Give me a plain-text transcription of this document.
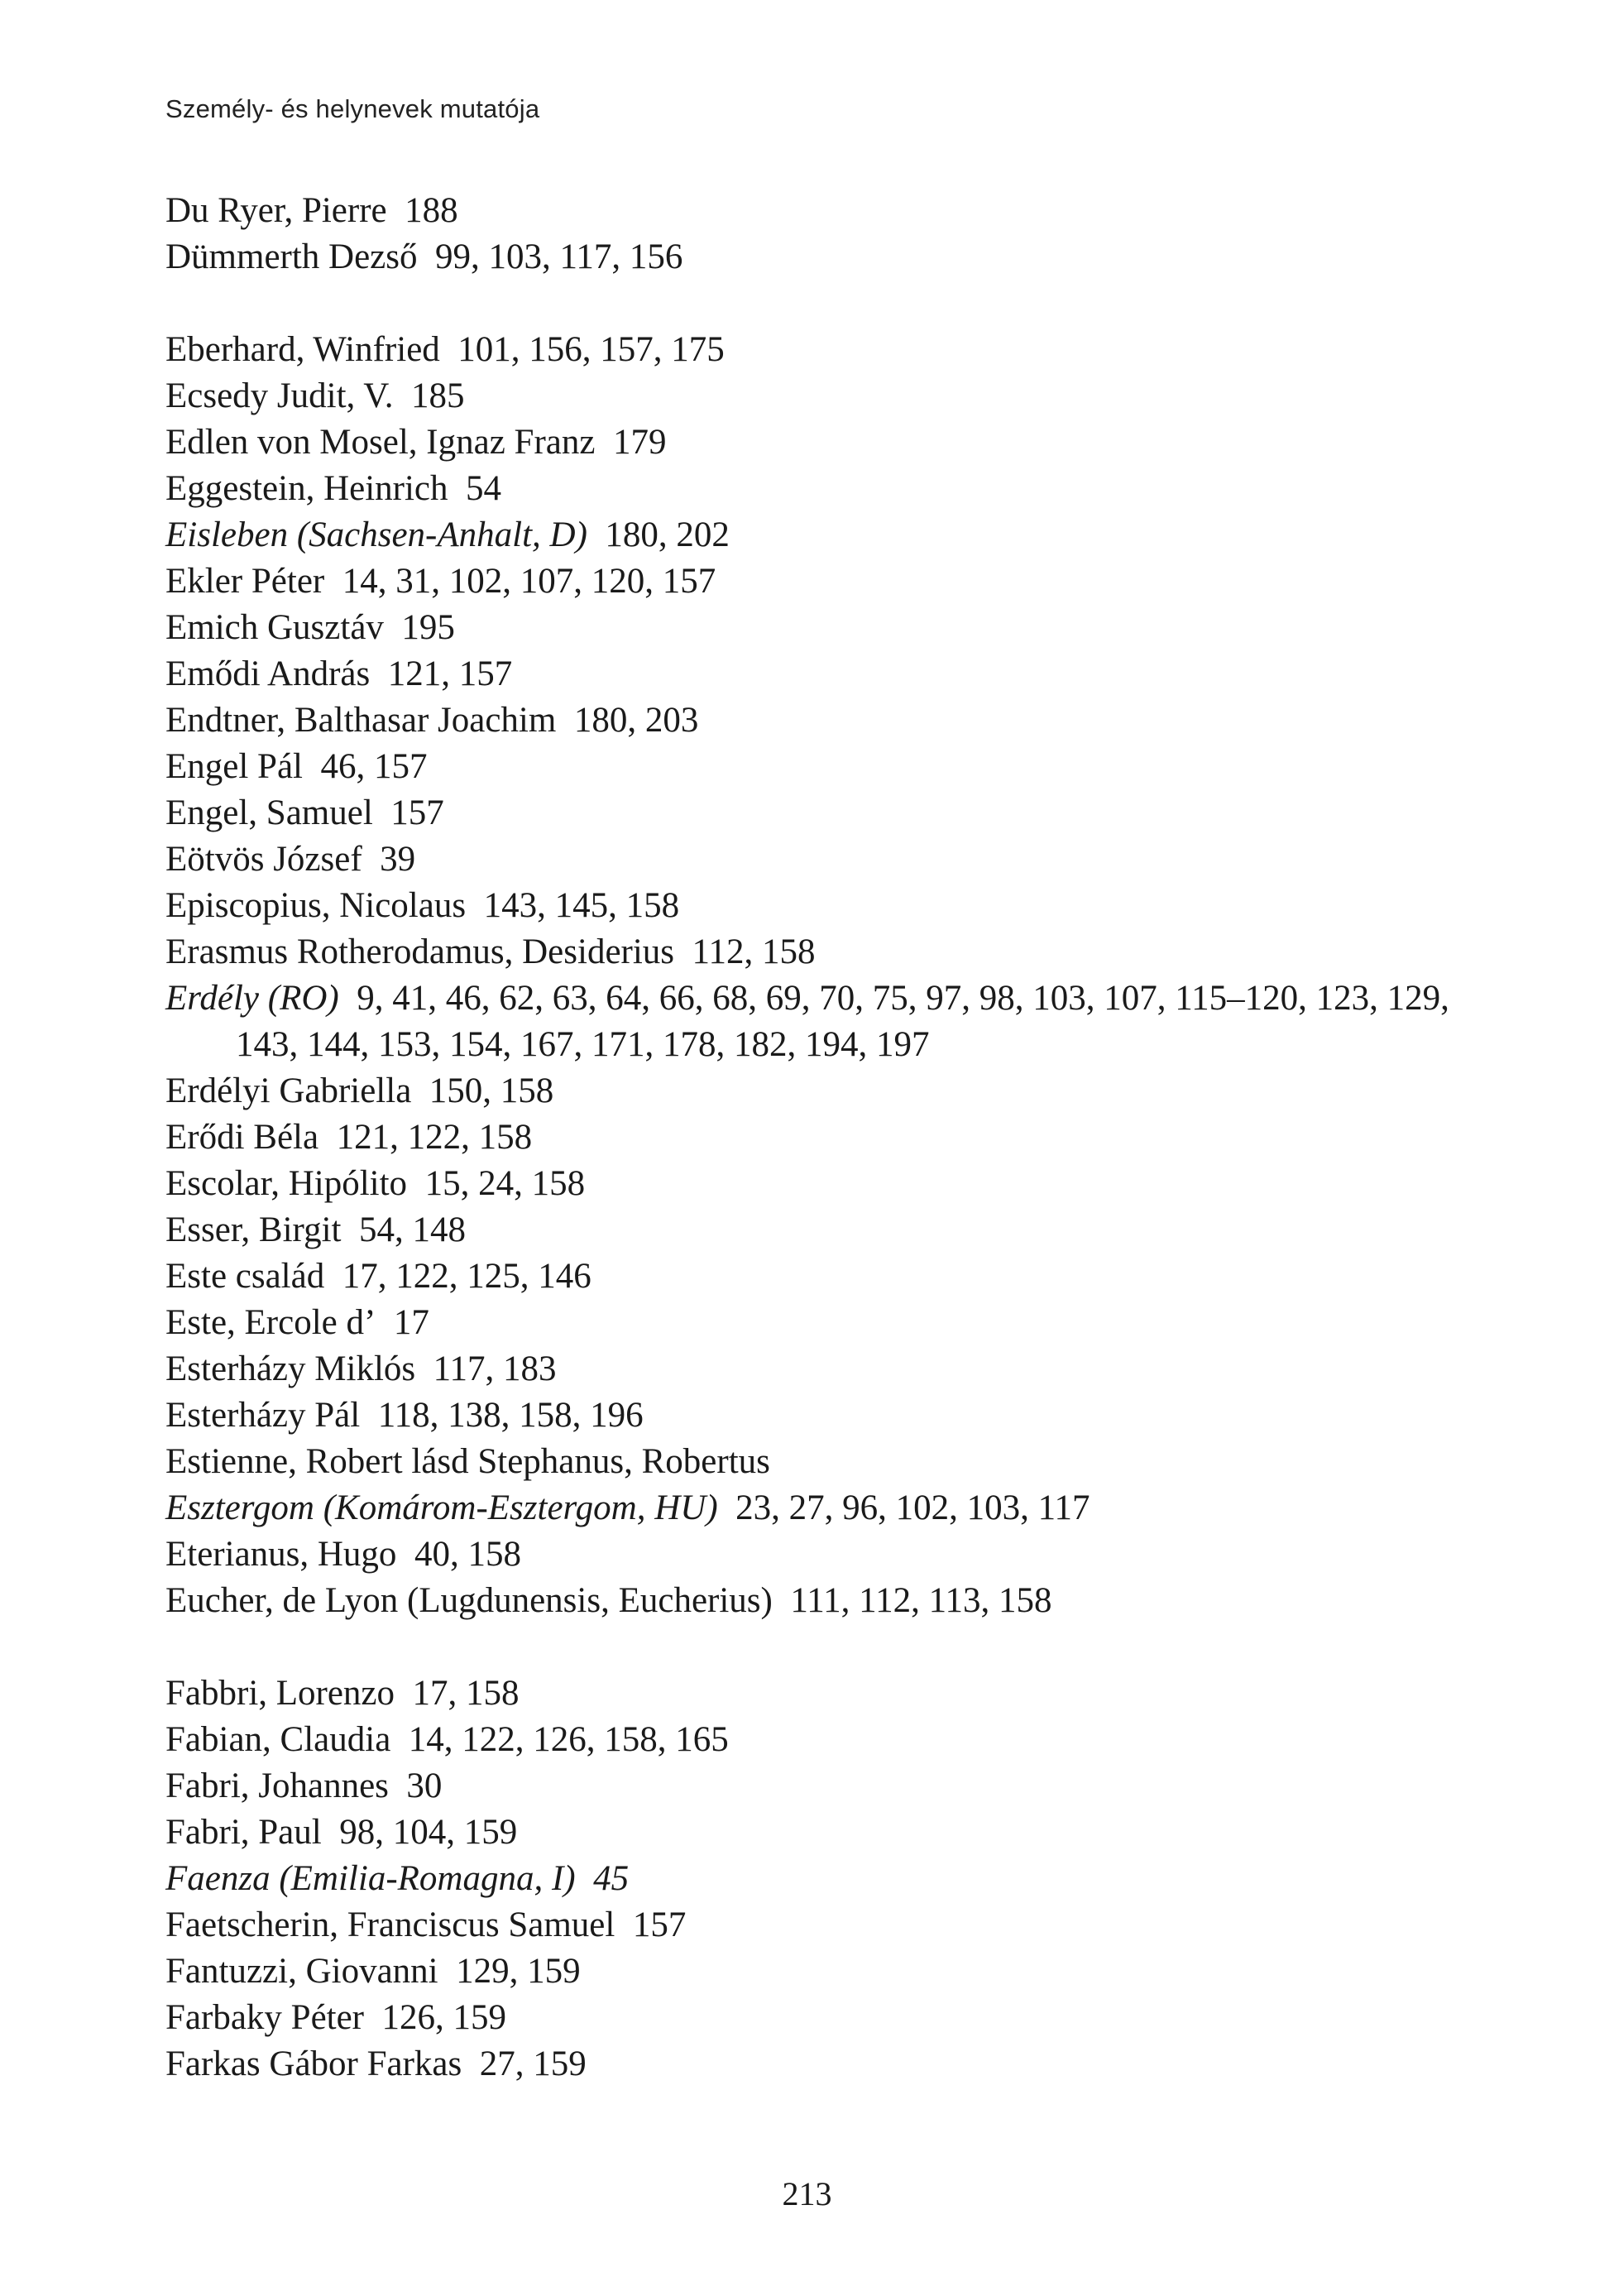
Személy- és helynevek mutatója
Du Ryer, Pierre 188
Dümmerth Dezső 99, 103, 117, 156
Eberhard, Winfried 101, 156, 157, 175
Ecsedy Judit, V. 185
Edlen von Mosel, Ignaz Franz 179
Eggestein, Heinrich 54
Eisleben (Sachsen-Anhalt, D) 180, 202
Ekler Péter 14, 31, 102, 107, 120, 157
Emich Gusztáv 195
Emődi András 121, 157
Endtner, Balthasar Joachim 180, 203
Engel Pál 46, 157
Engel, Samuel 157
Eötvös József 39
Episcopius, Nicolaus 143, 145, 158
Erasmus Rotherodamus, Desiderius 112, 158
Erdély (RO) 9, 41, 46, 62, 63, 64, 66, 68, 69, 70, 75, 97, 98, 103, 107, 115–120, 123, 129, 143, 144, 153, 154, 167, 171, 178, 182, 194, 197
Erdélyi Gabriella 150, 158
Erődi Béla 121, 122, 158
Escolar, Hipólito 15, 24, 158
Esser, Birgit 54, 148
Este család 17, 122, 125, 146
Este, Ercole d’ 17
Esterházy Miklós 117, 183
Esterházy Pál 118, 138, 158, 196
Estienne, Robert lásd Stephanus, Robertus
Esztergom (Komárom-Esztergom, HU) 23, 27, 96, 102, 103, 117
Eterianus, Hugo 40, 158
Eucher, de Lyon (Lugdunensis, Eucherius) 111, 112, 113, 158
Fabbri, Lorenzo 17, 158
Fabian, Claudia 14, 122, 126, 158, 165
Fabri, Johannes 30
Fabri, Paul 98, 104, 159
Faenza (Emilia-Romagna, I) 45
Faetscherin, Franciscus Samuel 157
Fantuzzi, Giovanni 129, 159
Farbaky Péter 126, 159
Farkas Gábor Farkas 27, 159
213
